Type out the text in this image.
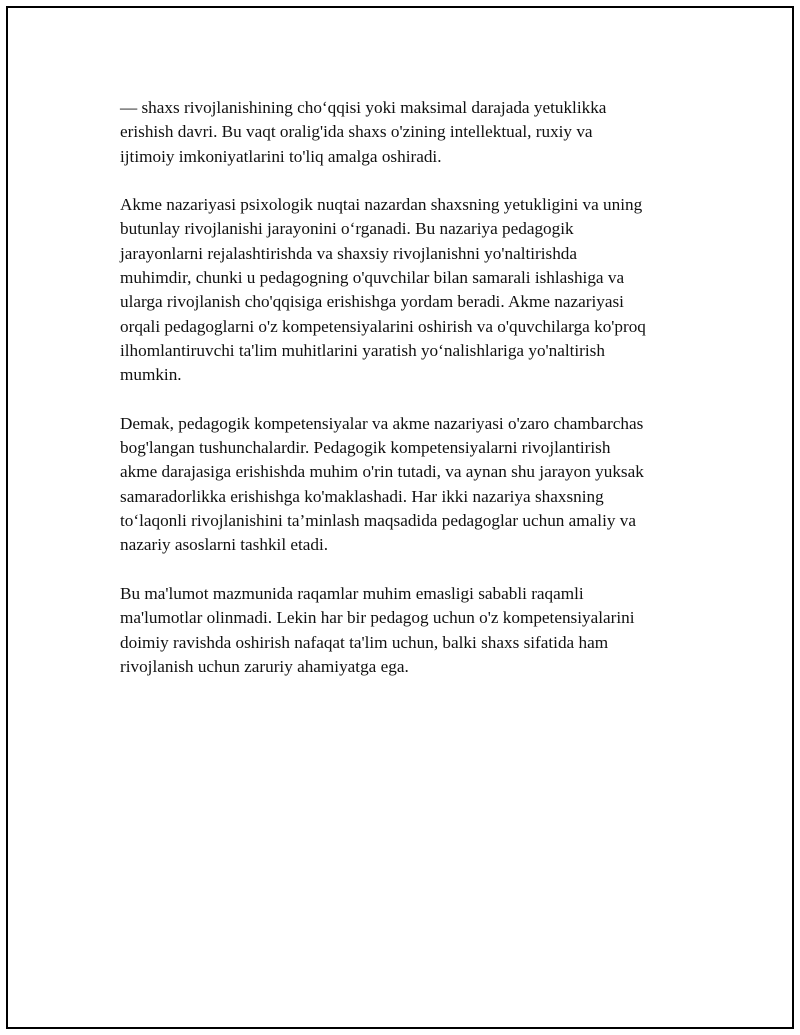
— shaxs rivojlanishining cho‘qqisi yoki maksimal darajada yetuklikka
erishish davri. Bu vaqt oralig'ida shaxs o'zining intellektual, ruxiy va
ijtimoiy imkoniyatlarini to'liq amalga oshiradi.

Akme nazariyasi psixologik nuqtai nazardan shaxsning yetukligini va uning
butunlay rivojlanishi jarayonini o‘rganadi. Bu nazariya pedagogik
jarayonlarni rejalashtirishda va shaxsiy rivojlanishni yo'naltirishda
muhimdir, chunki u pedagogning o'quvchilar bilan samarali ishlashiga va
ularga rivojlanish cho'qqisiga erishishga yordam beradi. Akme nazariyasi
orqali pedagoglarni o'z kompetensiyalarini oshirish va o'quvchilarga ko'proq
ilhomlantiruvchi ta'lim muhitlarini yaratish yo‘nalishlariga yo'naltirish
mumkin.

Demak, pedagogik kompetensiyalar va akme nazariyasi o'zaro chambarchas
bog'langan tushunchalardir. Pedagogik kompetensiyalarni rivojlantirish
akme darajasiga erishishda muhim o'rin tutadi, va aynan shu jarayon yuksak
samaradorlikka erishishga ko'maklashadi. Har ikki nazariya shaxsning
to‘laqonli rivojlanishini ta’minlash maqsadida pedagoglar uchun amaliy va
nazariy asoslarni tashkil etadi.

Bu ma'lumot mazmunida raqamlar muhim emasligi sababli raqamli
ma'lumotlar olinmadi. Lekin har bir pedagog uchun o'z kompetensiyalarini
doimiy ravishda oshirish nafaqat ta'lim uchun, balki shaxs sifatida ham
rivojlanish uchun zaruriy ahamiyatga ega.
